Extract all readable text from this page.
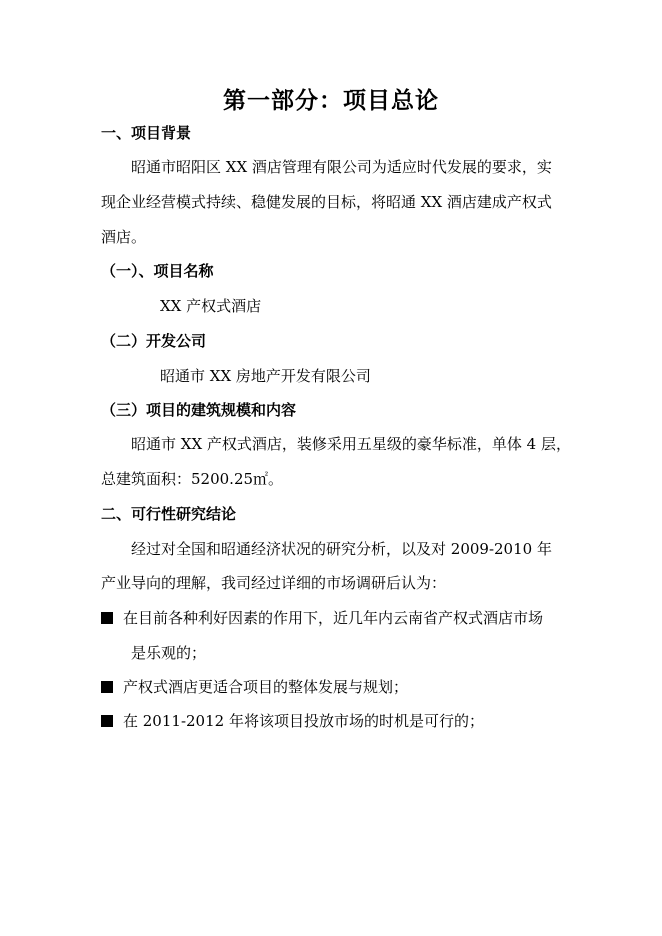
第一部分：项目总论
一、项目背景
昭通市昭阳区 XX 酒店管理有限公司为适应时代发展的要求，实
现企业经营模式持续、稳健发展的目标，将昭通 XX 酒店建成产权式
酒店。
（一）、项目名称
XX 产权式酒店
（二）开发公司
昭通市 XX 房地产开发有限公司
（三）项目的建筑规模和内容
昭通市 XX 产权式酒店，装修采用五星级的豪华标准，单体 4 层，
总建筑面积：5200.25㎡。
二、可行性研究结论
经过对全国和昭通经济状况的研究分析，以及对 2009-2010 年
产业导向的理解，我司经过详细的市场调研后认为：
在目前各种利好因素的作用下，近几年内云南省产权式酒店市场
是乐观的；
产权式酒店更适合项目的整体发展与规划；
在 2011-2012 年将该项目投放市场的时机是可行的；
